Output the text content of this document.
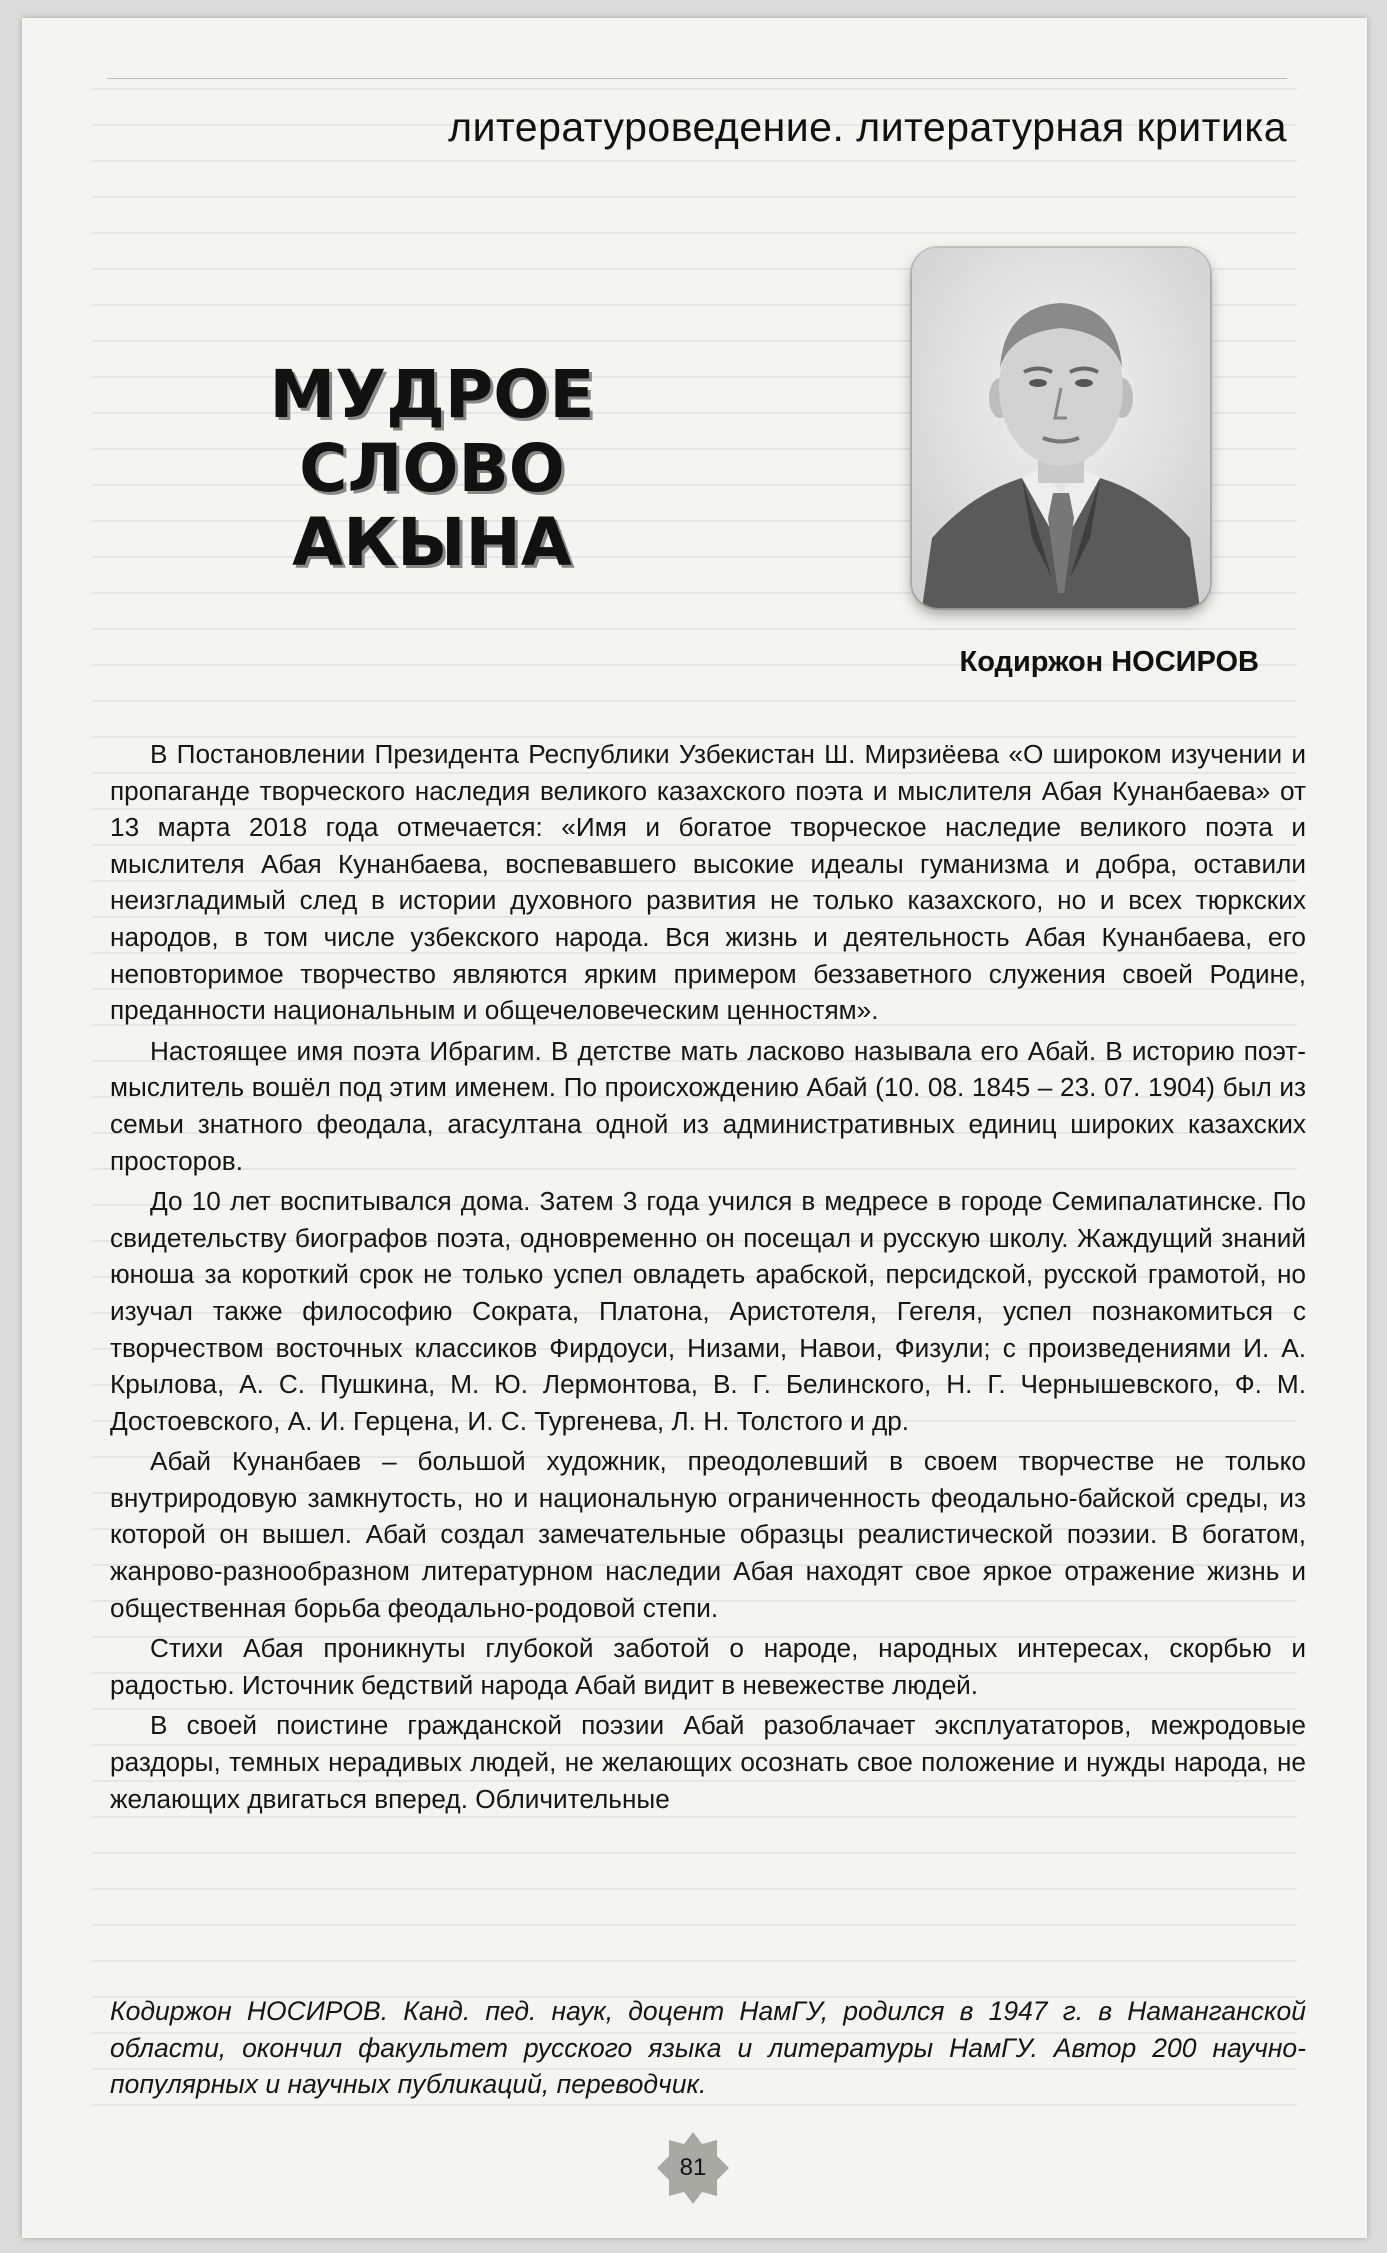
литературоведение. литературная критика
МУДРОЕ СЛОВО
АКЫНА
Кодиржон НОСИРОВ

В Постановлении Президента Республики Узбекистан Ш. Мирзиёева «О широком изучении и пропаганде творческого наследия великого казахского поэта и мыслителя Абая Кунанбаева» от 13 марта 2018 года отмечается: «Имя и богатое творческое наследие великого поэта и мыслителя Абая Кунанбаева, воспевавшего высокие идеалы гуманизма и добра, оставили неизгладимый след в истории духовного развития не только казахского, но и всех тюркских народов, в том числе узбекского народа. Вся жизнь и деятельность Абая Кунанбаева, его неповторимое творчество являются ярким примером беззаветного служения своей Родине, преданности национальным и общечеловеческим ценностям».

Настоящее имя поэта Ибрагим. В детстве мать ласково называла его Абай. В историю поэт-мыслитель вошёл под этим именем. По происхождению Абай (10. 08. 1845 – 23. 07. 1904) был из семьи знатного феодала, агасултана одной из административных единиц широких казахских просторов.

До 10 лет воспитывался дома. Затем 3 года учился в медресе в городе Семипалатинске. По свидетельству биографов поэта, одновременно он посещал и русскую школу. Жаждущий знаний юноша за короткий срок не только успел овладеть арабской, персидской, русской грамотой, но изучал также философию Сократа, Платона, Аристотеля, Гегеля, успел познакомиться с творчеством восточных классиков Фирдоуси, Низами, Навои, Физули; с произведениями И. А. Крылова, А. С. Пушкина, М. Ю. Лермонтова, В. Г. Белинского, Н. Г. Чернышевского, Ф. М. Достоевского, А. И. Герцена, И. С. Тургенева, Л. Н. Толстого и др.

Абай Кунанбаев – большой художник, преодолевший в своем творчестве не только внутриродовую замкнутость, но и национальную ограниченность феодально-байской среды, из которой он вышел. Абай создал замечательные образцы реалистической поэзии. В богатом, жанрово-разнообразном литературном наследии Абая находят свое яркое отражение жизнь и общественная борьба феодально-родовой степи.

Стихи Абая проникнуты глубокой заботой о народе, народных интересах, скорбью и радостью. Источник бедствий народа Абай видит в невежестве людей.

В своей поистине гражданской поэзии Абай разоблачает эксплуататоров, межродовые раздоры, темных нерадивых людей, не желающих осознать свое положение и нужды народа, не желающих двигаться вперед. Обличительные

Кодиржон НОСИРОВ. Канд. пед. наук, доцент НамГУ, родился в 1947 г. в Наманганской области, окончил факультет русского языка и литературы НамГУ. Автор 200 научно-популярных и научных публикаций, переводчик.
81
